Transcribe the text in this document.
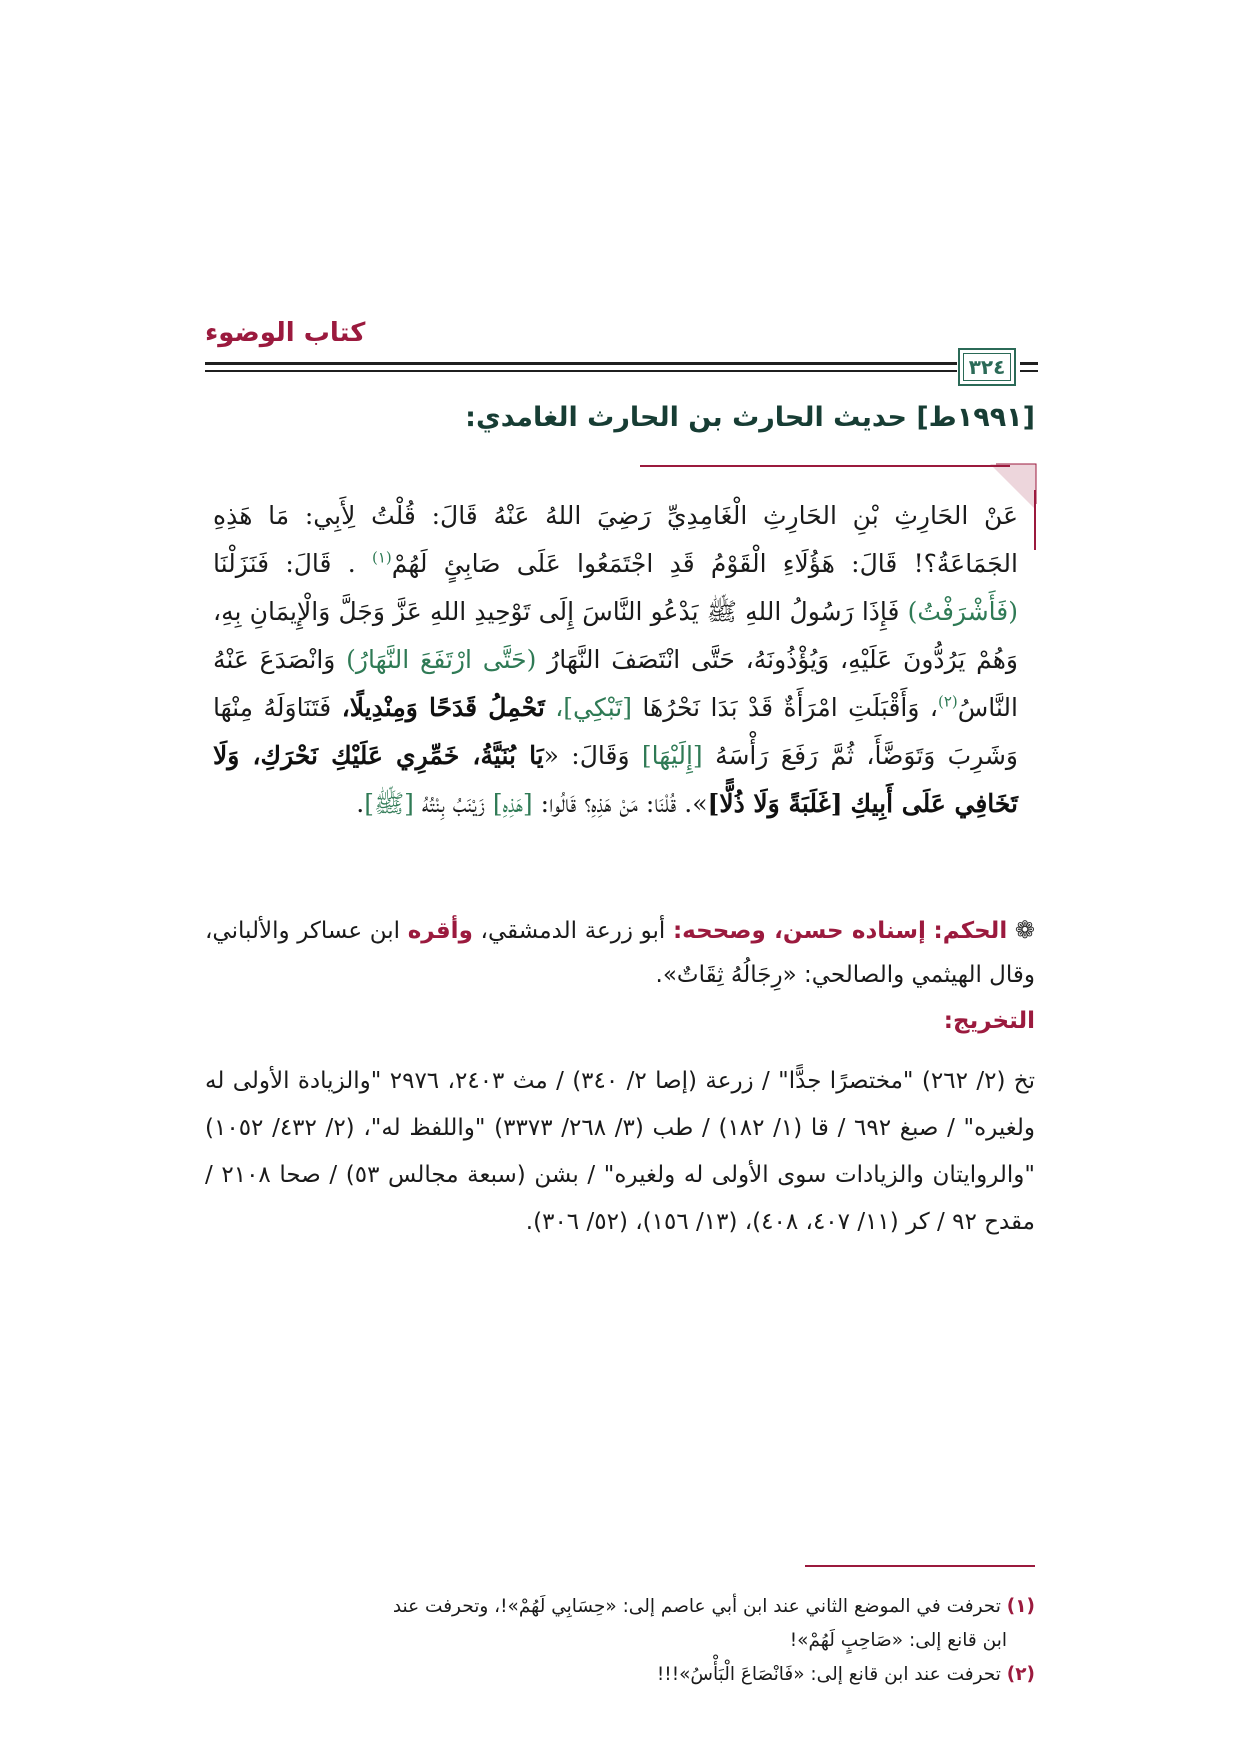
كتاب الوضوء
٣٢٤
[١٩٩١ط] حديث الحارث بن الحارث الغامدي:
عَنْ الحَارِثِ بْنِ الحَارِثِ الْغَامِدِيِّ رَضِيَ اللهُ عَنْهُ قَالَ: قُلْتُ لِأَبِي: مَا هَذِهِ الجَمَاعَةُ؟! قَالَ: هَؤُلَاءِ الْقَوْمُ قَدِ اجْتَمَعُوا عَلَى صَابِئٍ لَهُمْ$^{(١)}$ . قَالَ: فَنَزَلْنَا (فَأَشْرَفْتُ) فَإِذَا رَسُولُ اللهِ ﷺ يَدْعُو النَّاسَ إِلَى تَوْحِيدِ اللهِ عَزَّ وَجَلَّ وَالْإِيمَانِ بِهِ، وَهُمْ يَرُدُّونَ عَلَيْهِ، وَيُؤْذُونَهُ، حَتَّى انْتَصَفَ النَّهَارُ (حَتَّى ارْتَفَعَ النَّهَارُ) وَانْصَدَعَ عَنْهُ النَّاسُ$^{(٢)}$، وَأَقْبَلَتِ امْرَأَةٌ قَدْ بَدَا نَحْرُهَا [تَبْكِي]، تَحْمِلُ قَدَحًا وَمِنْدِيلًا، فَتَنَاوَلَهُ مِنْهَا وَشَرِبَ وَتَوَضَّأَ، ثُمَّ رَفَعَ رَأْسَهُ [إِلَيْهَا] وَقَالَ: «يَا بُنَيَّةُ، خَمِّرِي عَلَيْكِ نَحْرَكِ، وَلَا تَخَافِي عَلَى أَبِيكِ [غَلَبَةً وَلَا ذُلًّا]». قُلْنَا: مَنْ هَذِهِ؟ قَالُوا: [هَذِهِ] زَيْنَبُ بِنْتُهُ [ﷺ].
❁ الحكم: إسناده حسن، وصححه: أبو زرعة الدمشقي، وأقره ابن عساكر والألباني، وقال الهيثمي والصالحي: «رِجَالُهُ ثِقَاتٌ».
التخريج:
تخ (٢/ ٢٦٢) "مختصرًا جدًّا" / زرعة (إصا ٢/ ٣٤٠) / مث ٢٤٠٣، ٢٩٧٦ "والزيادة الأولى له ولغيره" / صبغ ٦٩٢ / قا (١/ ١٨٢) / طب (٣/ ٢٦٨/ ٣٣٧٣) "واللفظ له"، (٢/ ٤٣٢/ ١٠٥٢) "والروايتان والزيادات سوى الأولى له ولغيره" / بشن (سبعة مجالس ٥٣) / صحا ٢١٠٨ / مقدح ٩٢ / كر (١١/ ٤٠٧، ٤٠٨)، (١٣/ ١٥٦)، (٥٢/ ٣٠٦).

(١) تحرفت في الموضع الثاني عند ابن أبي عاصم إلى: «حِسَابِي لَهُمْ»!، وتحرفت عند

ابن قانع إلى: «صَاحِبٍ لَهُمْ»!

(٢) تحرفت عند ابن قانع إلى: «فَانْصَاعَ الْبَأْسُ»!!!
